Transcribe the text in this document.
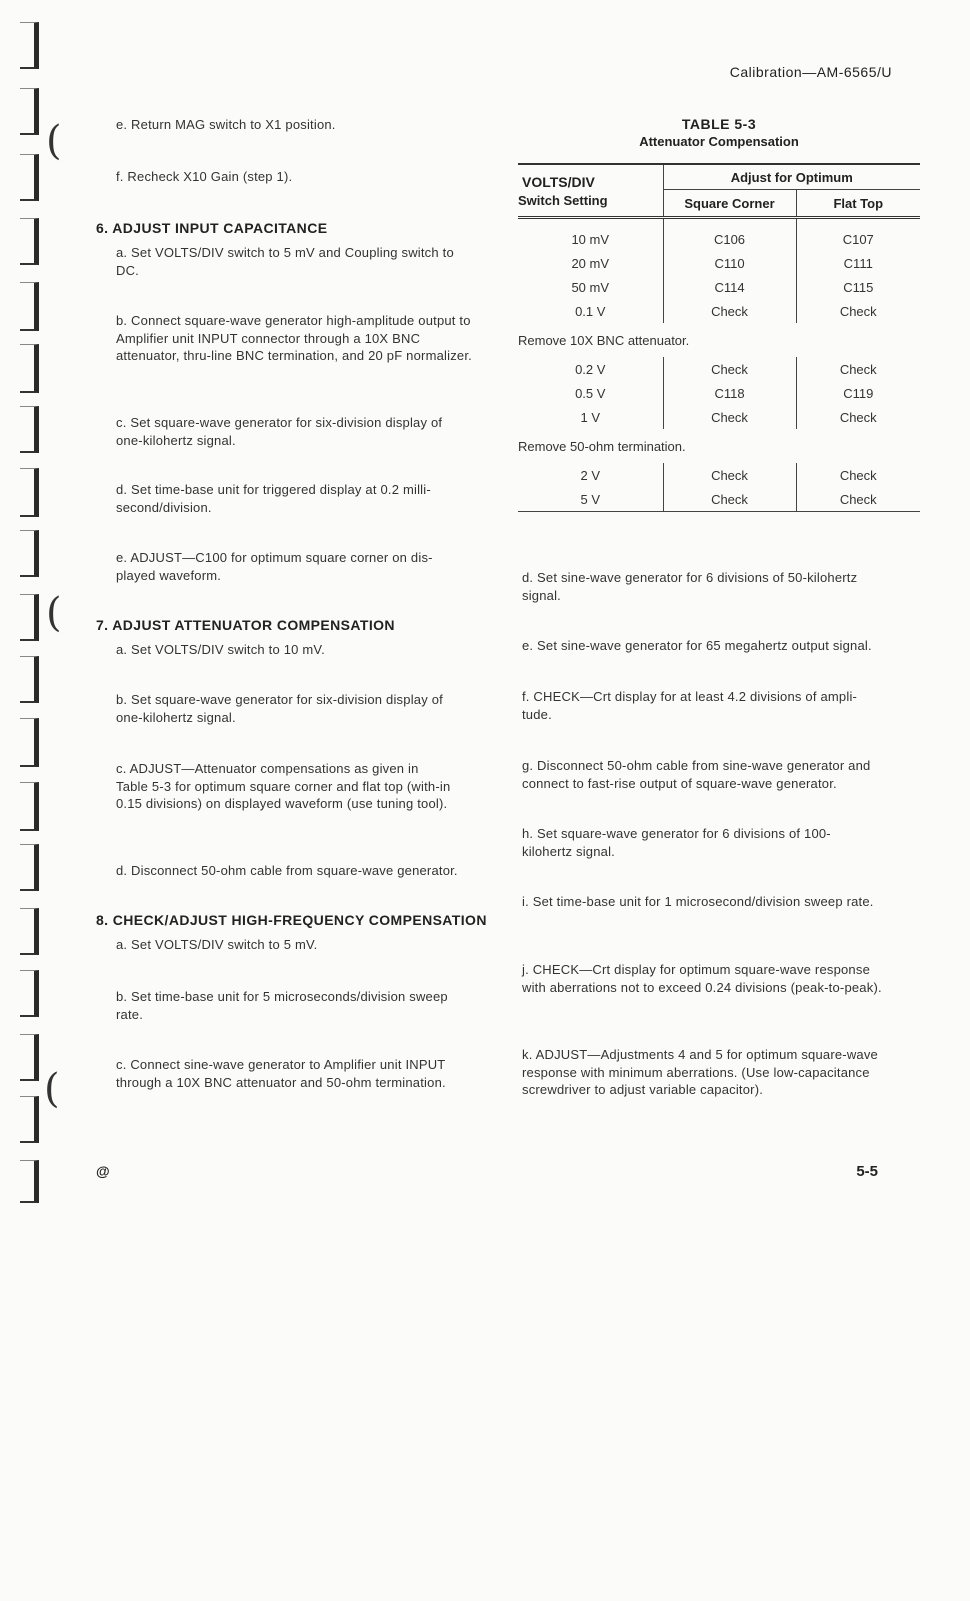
(
(
(
Calibration—AM-6565/U
e. Return MAG switch to X1 position.
f. Recheck X10 Gain (step 1).
6. ADJUST INPUT CAPACITANCE
a. Set VOLTS/DIV switch to 5 mV and Coupling switch to DC.
b. Connect square-wave generator high-amplitude output to Amplifier unit INPUT connector through a 10X BNC attenuator, thru-line BNC termination, and 20 pF normalizer.
c. Set square-wave generator for six-division display of one-kilohertz signal.
d. Set time-base unit for triggered display at 0.2 milli-second/division.
e. ADJUST—C100 for optimum square corner on dis-played waveform.
7. ADJUST ATTENUATOR COMPENSATION
a. Set VOLTS/DIV switch to 10 mV.
b. Set square-wave generator for six-division display of one-kilohertz signal.
c. ADJUST—Attenuator compensations as given in Table 5-3 for optimum square corner and flat top (with-in 0.15 divisions) on displayed waveform (use tuning tool).
d. Disconnect 50-ohm cable from square-wave generator.
8. CHECK/ADJUST HIGH-FREQUENCY COMPENSATION
a. Set VOLTS/DIV switch to 5 mV.
b. Set time-base unit for 5 microseconds/division sweep rate.
c. Connect sine-wave generator to Amplifier unit INPUT through a 10X BNC attenuator and 50-ohm termination.
TABLE 5-3
Attenuator Compensation
VOLTS/DIV
Switch Setting	Adjust for Optimum	
	Square Corner	Flat Top
10 mV	C106	C107
20 mV	C110	C111
50 mV	C114	C115
0.1 V	Check	Check
Remove 10X BNC attenuator.		
0.2 V	Check	Check
0.5 V	C118	C119
1 V	Check	Check
Remove 50-ohm termination.		
2 V	Check	Check
5 V	Check	Check
d. Set sine-wave generator for 6 divisions of 50-kilohertz signal.
e. Set sine-wave generator for 65 megahertz output signal.
f. CHECK—Crt display for at least 4.2 divisions of ampli-tude.
g. Disconnect 50-ohm cable from sine-wave generator and connect to fast-rise output of square-wave generator.
h. Set square-wave generator for 6 divisions of 100-kilohertz signal.
i. Set time-base unit for 1 microsecond/division sweep rate.
j. CHECK—Crt display for optimum square-wave response with aberrations not to exceed 0.24 divisions (peak-to-peak).
k. ADJUST—Adjustments 4 and 5 for optimum square-wave response with minimum aberrations. (Use low-capacitance screwdriver to adjust variable capacitor).
@	5-5
